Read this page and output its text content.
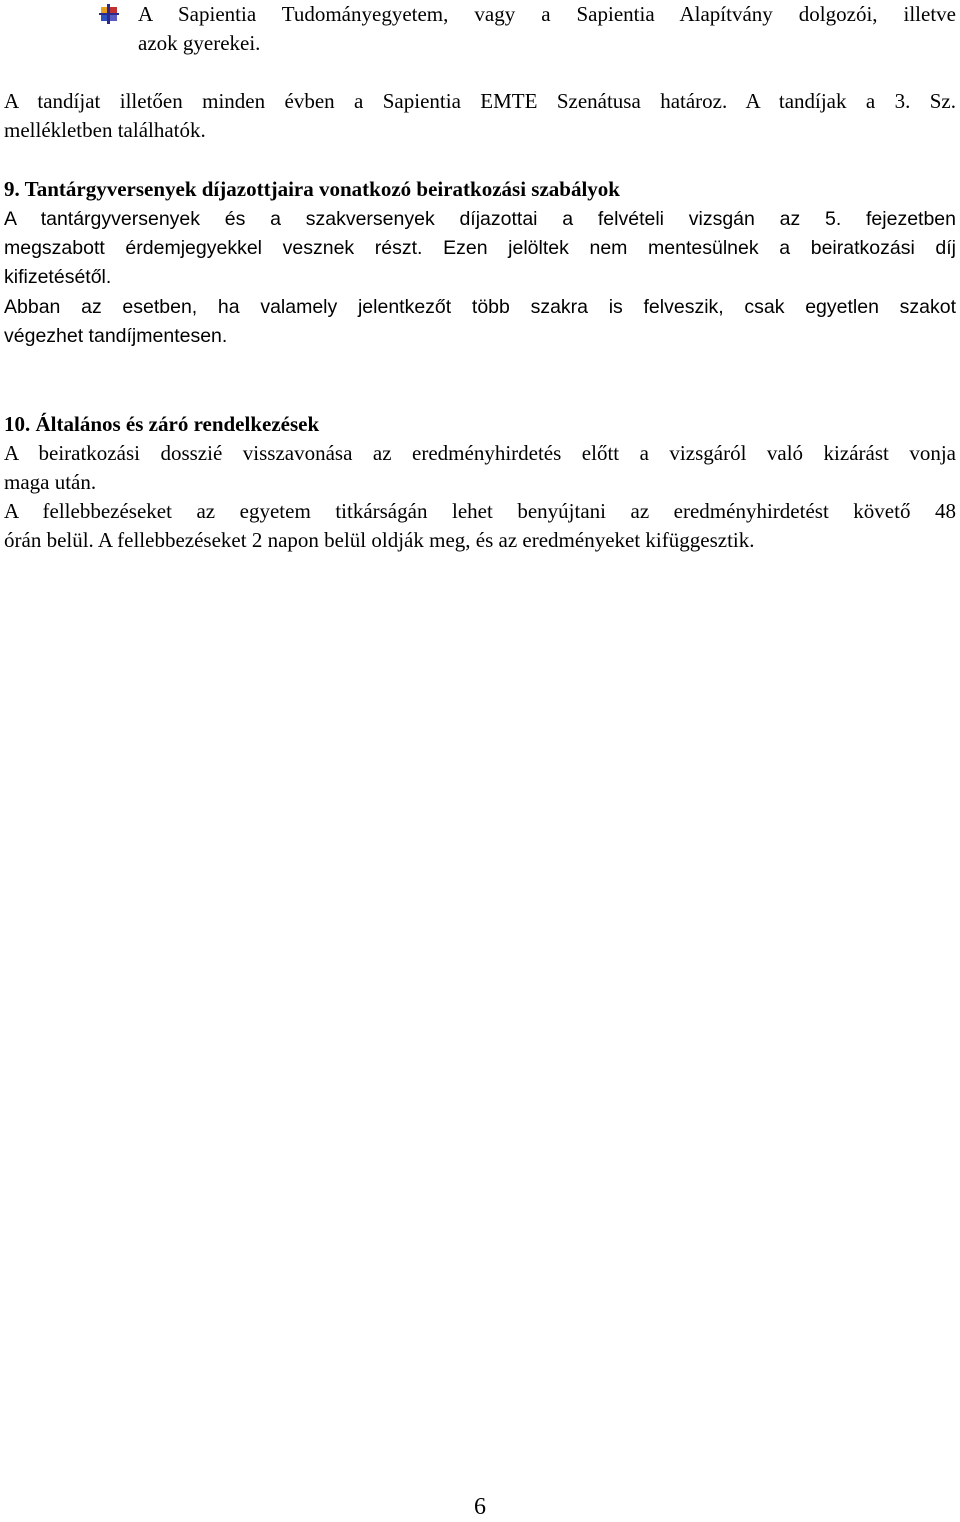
A Sapientia Tudományegyetem, vagy a Sapientia Alapítvány dolgozói, illetve

azok gyerekei.

A tandíjat illetően minden évben a Sapientia EMTE Szenátusa határoz. A tandíjak a 3. Sz.

mellékletben találhatók.

9. Tantárgyversenyek díjazottjaira vonatkozó beiratkozási szabályok

A tantárgyversenyek és a szakversenyek díjazottai a felvételi vizsgán az 5. fejezetben

megszabott érdemjegyekkel vesznek részt. Ezen jelöltek nem mentesülnek a beiratkozási díj

kifizetésétől.

Abban az esetben, ha valamely jelentkezőt több szakra is felveszik, csak egyetlen szakot

végezhet tandíjmentesen.

10. Általános és záró rendelkezések

A beiratkozási dosszié visszavonása az eredményhirdetés előtt a vizsgáról való kizárást vonja

maga után.

A fellebbezéseket az egyetem titkárságán lehet benyújtani az eredményhirdetést követő 48

órán belül. A fellebbezéseket 2 napon belül oldják meg, és az eredményeket kifüggesztik.

6
